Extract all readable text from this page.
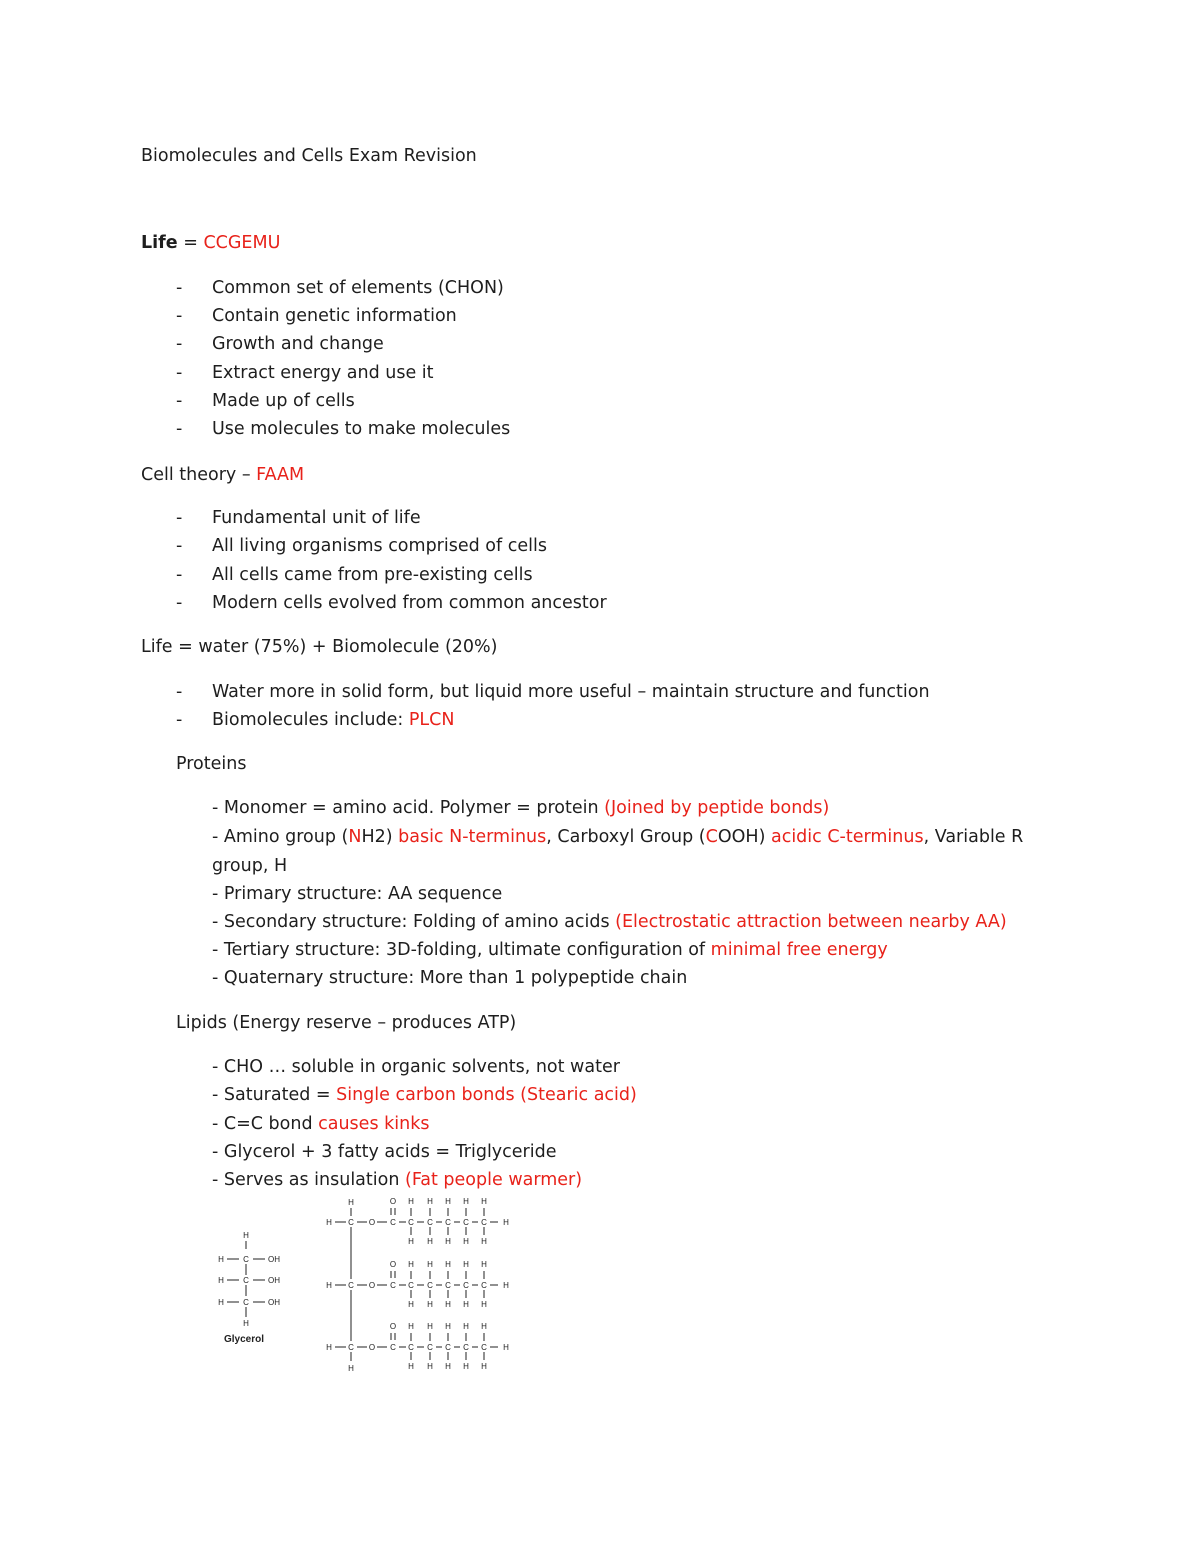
Biomolecules and Cells Exam Revision
Life = CCGEMU
- Common set of elements (CHON)
- Contain genetic information
- Growth and change
- Extract energy and use it
- Made up of cells
- Use molecules to make molecules
Cell theory – FAAM
- Fundamental unit of life
- All living organisms comprised of cells
- All cells came from pre-existing cells
- Modern cells evolved from common ancestor
Life = water (75%) + Biomolecule (20%)
- Water more in solid form, but liquid more useful – maintain structure and function
- Biomolecules include: PLCN
Proteins
- Monomer = amino acid. Polymer = protein (Joined by peptide bonds)
- Amino group (NH2) basic N-terminus, Carboxyl Group (COOH) acidic C-terminus, Variable R
group, H
- Primary structure: AA sequence
- Secondary structure: Folding of amino acids (Electrostatic attraction between nearby AA)
- Tertiary structure: 3D-folding, ultimate configuration of minimal free energy
- Quaternary structure: More than 1 polypeptide chain
Lipids (Energy reserve – produces ATP)
- CHO … soluble in organic solvents, not water
- Saturated = Single carbon bonds (Stearic acid)
- C=C bond causes kinks
- Glycerol + 3 fatty acids = Triglyceride
- Serves as insulation (Fat people warmer)
H
H C OH
H C OH
H C OH
H
Glycerol
H C O C
O
C
H
H
C
H
H
C
H
H
C
H
H
C
H
H
H
H C O C
O
C
H
H
C
H
H
C
H
H
C
H
H
C
H
H
H
H C O C
O
C
H
H
C
H
H
C
H
H
C
H
H
C
H
H
H
H
H
